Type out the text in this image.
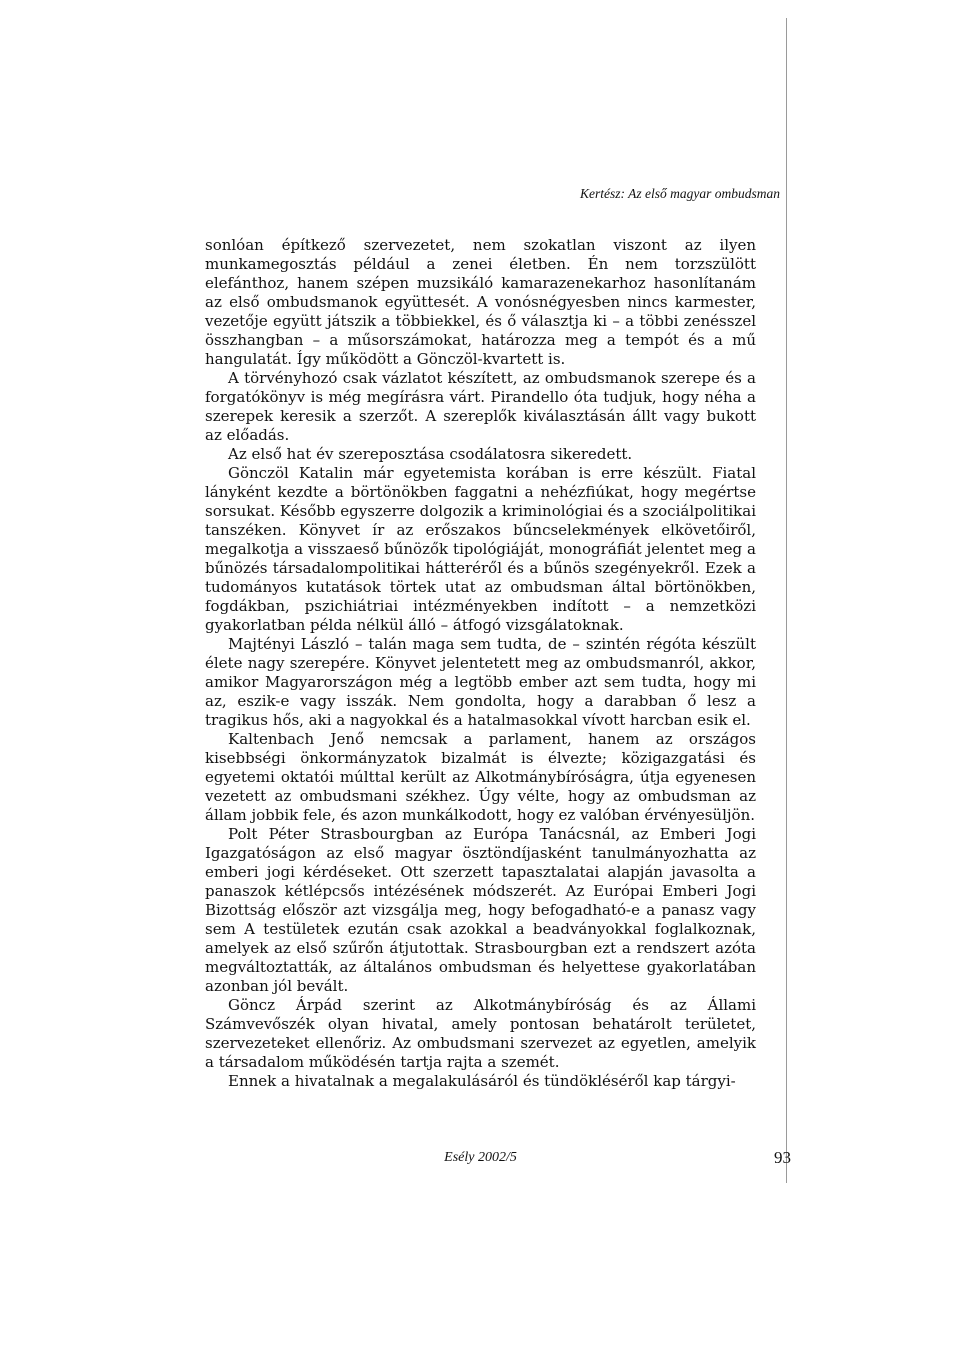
Kertész: Az első magyar ombudsman

sonlóan építkező szervezetet, nem szokatlan viszont az ilyen munkamegosztás például a zenei életben. Én nem torzszülött elefánthoz, hanem szépen muzsikáló kamarazenekarhoz hasonlítanám az első ombudsmanok együttesét. A vonósnégyesben nincs karmester, vezetője együtt játszik a többiekkel, és ő választja ki – a többi zenésszel összhangban – a műsorszámokat, határozza meg a tempót és a mű hangulatát. Így működött a Gönczöl-kvartett is.

A törvényhozó csak vázlatot készített, az ombudsmanok szerepe és a forgatókönyv is még megírásra várt. Pirandello óta tudjuk, hogy néha a szerepek keresik a szerzőt. A szereplők kiválasztásán állt vagy bukott az előadás.

Az első hat év szereposztása csodálatosra sikeredett.

Gönczöl Katalin már egyetemista korában is erre készült. Fiatal lányként kezdte a börtönökben faggatni a nehézfiúkat, hogy megértse sorsukat. Később egyszerre dolgozik a kriminológiai és a szociálpolitikai tanszéken. Könyvet ír az erőszakos bűncselekmények elkövetőiről, megalkotja a visszaeső bűnözők tipológiáját, monográfiát jelentet meg a bűnözés társadalompolitikai hátteréről és a bűnös szegényekről. Ezek a tudományos kutatások törtek utat az ombudsman által börtönökben, fogdákban, pszichiátriai intézményekben indított – a nemzetközi gyakorlatban példa nélkül álló – átfogó vizsgálatoknak.

Majtényi László – talán maga sem tudta, de – szintén régóta készült élete nagy szerepére. Könyvet jelentetett meg az ombudsmanról, akkor, amikor Magyarországon még a legtöbb ember azt sem tudta, hogy mi az, eszik-e vagy isszák. Nem gondolta, hogy a darabban ő lesz a tragikus hős, aki a nagyokkal és a hatalmasokkal vívott harcban esik el.

Kaltenbach Jenő nemcsak a parlament, hanem az országos kisebbségi önkormányzatok bizalmát is élvezte; közigazgatási és egyetemi oktatói múlttal került az Alkotmánybíróságra, útja egyenesen vezetett az ombudsmani székhez. Úgy vélte, hogy az ombudsman az állam jobbik fele, és azon munkálkodott, hogy ez valóban érvényesüljön.

Polt Péter Strasbourgban az Európa Tanácsnál, az Emberi Jogi Igazgatóságon az első magyar ösztöndíjasként tanulmányozhatta az emberi jogi kérdéseket. Ott szerzett tapasztalatai alapján javasolta a panaszok kétlépcsős intézésének módszerét. Az Európai Emberi Jogi Bizottság először azt vizsgálja meg, hogy befogadható-e a panasz vagy sem A testületek ezután csak azokkal a beadványokkal foglalkoznak, amelyek az első szűrőn átjutottak. Strasbourgban ezt a rendszert azóta megváltoztatták, az általános ombudsman és helyettese gyakorlatában azonban jól bevált.

Göncz Árpád szerint az Alkotmánybíróság és az Állami Számvevőszék olyan hivatal, amely pontosan behatárolt területet, szervezeteket ellenőriz. Az ombudsmani szervezet az egyetlen, amelyik a társadalom működésén tartja rajta a szemét.

Ennek a hivatalnak a megalakulásáról és tündökléséről kap tárgyi-

Esély 2002/5	93
